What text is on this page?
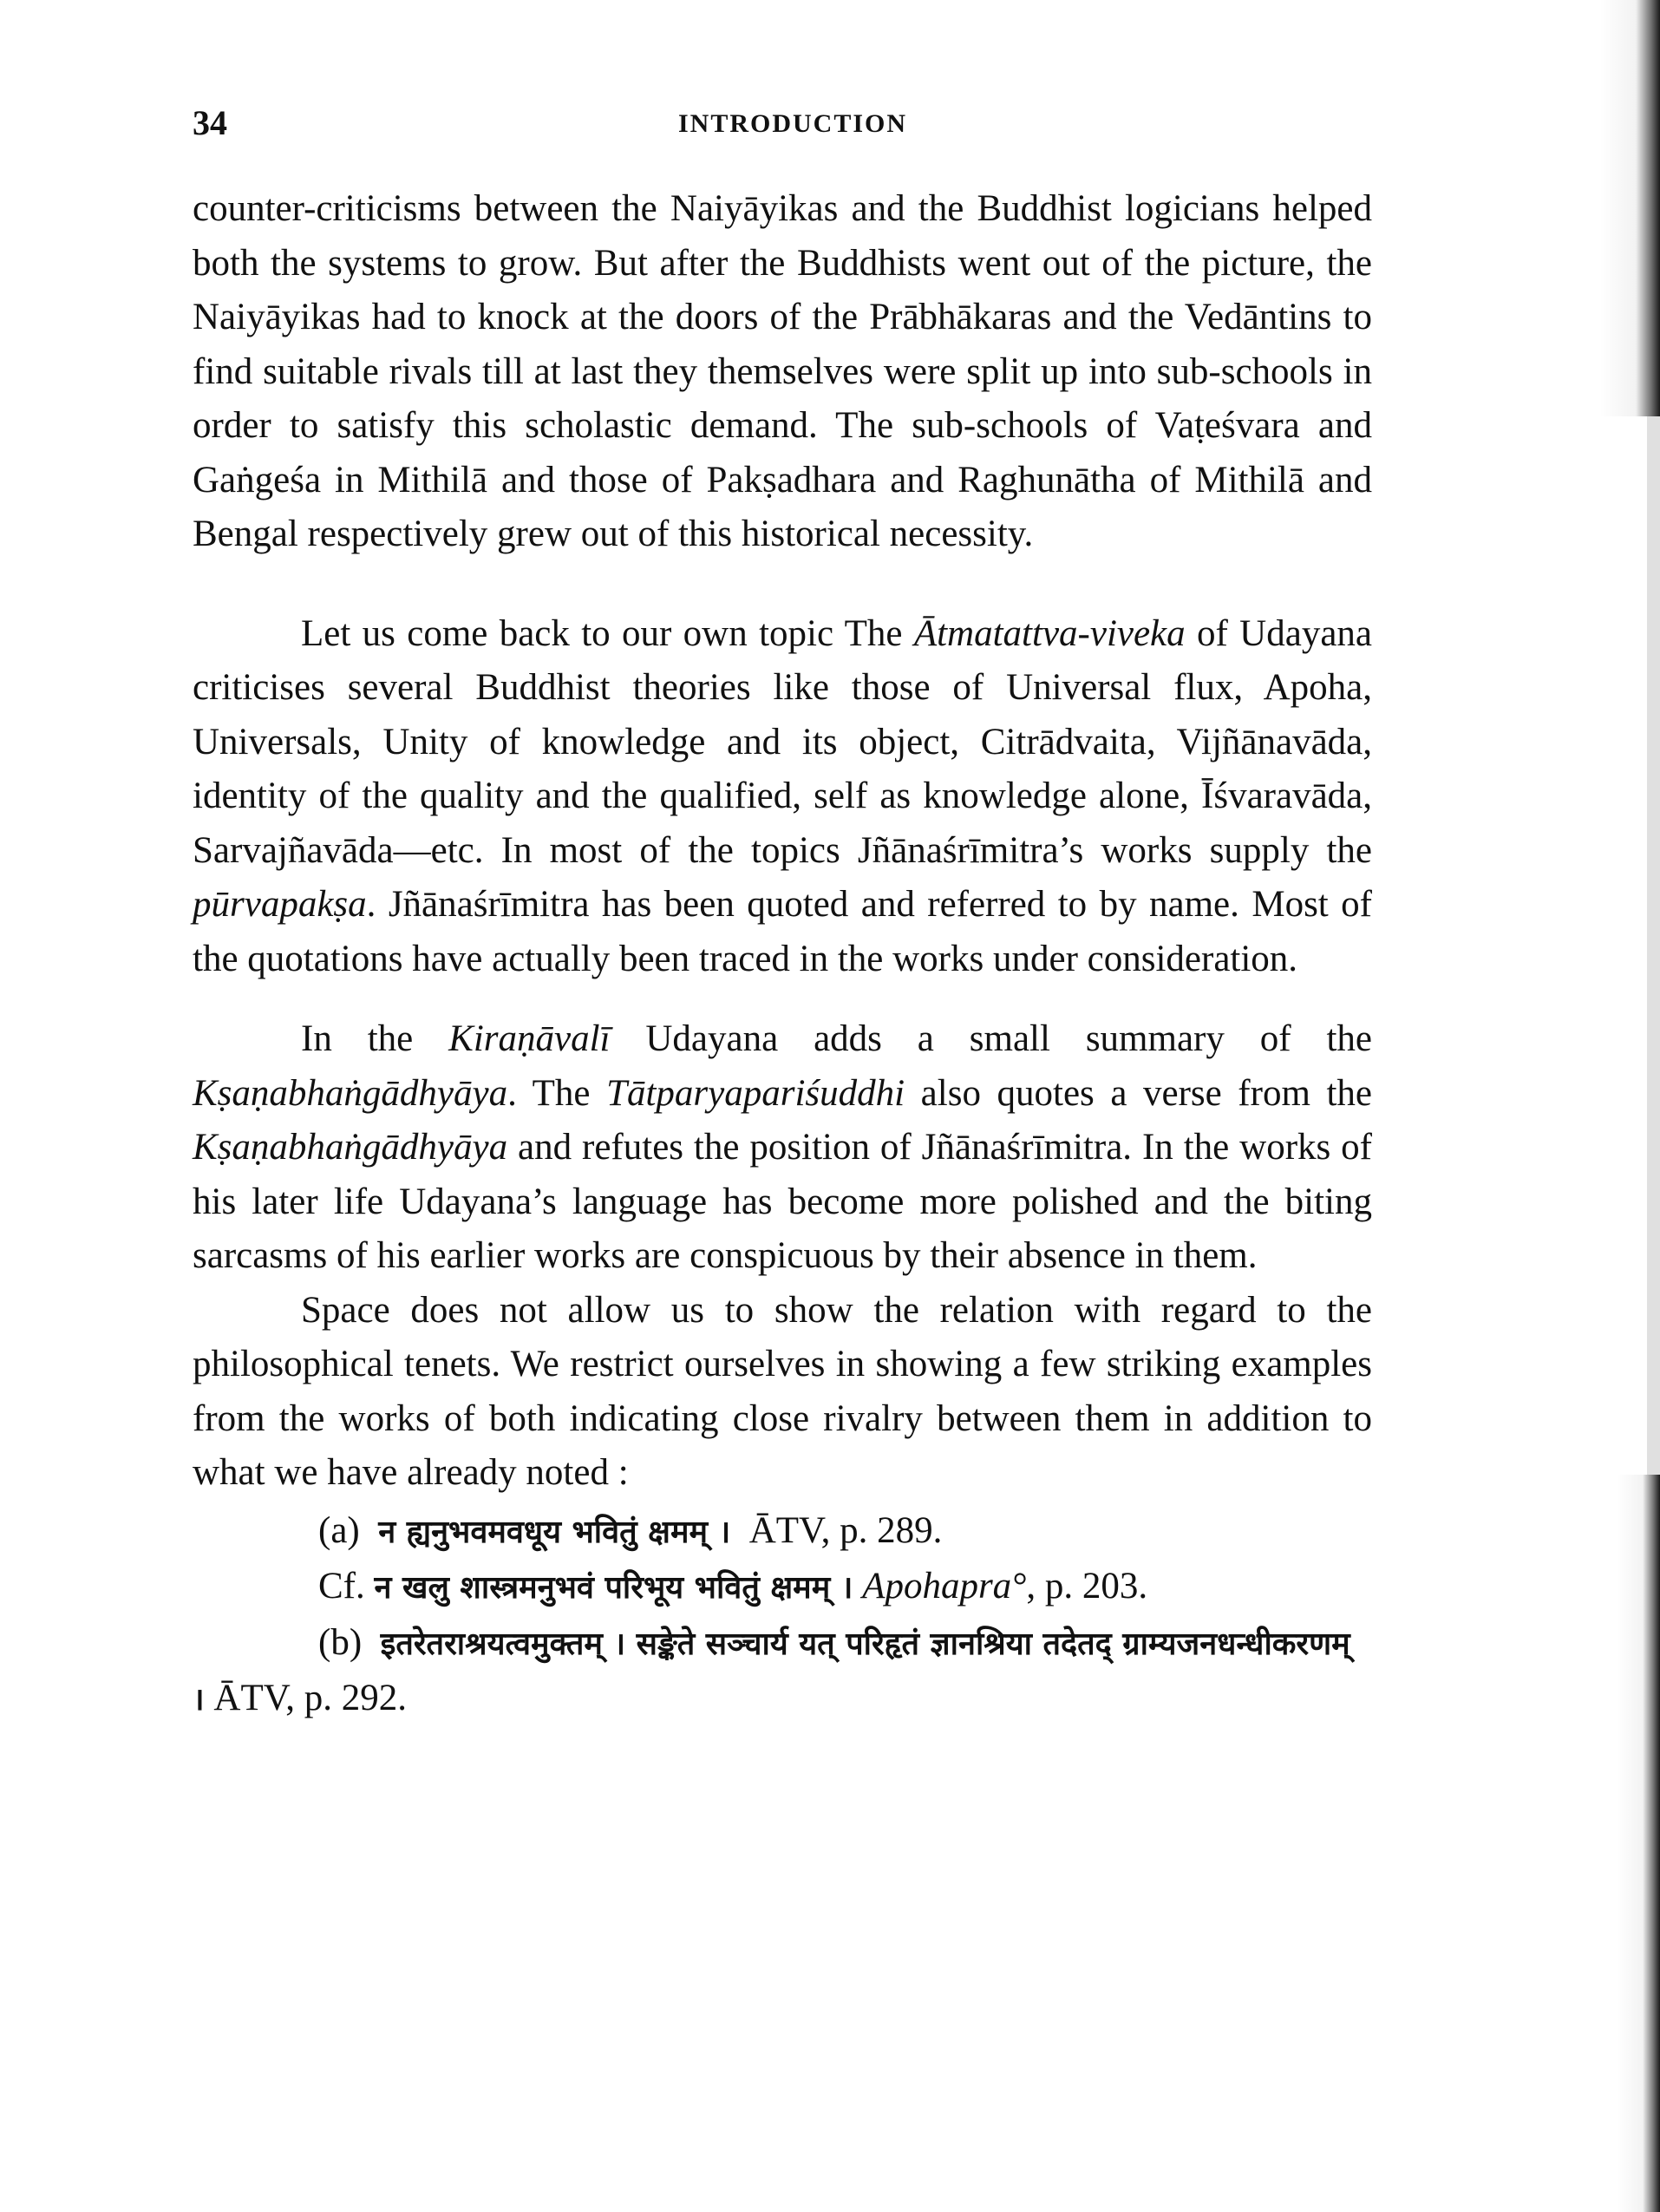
34	INTRODUCTION

counter-criticisms between the Naiyāyikas and the Buddhist logicians helped both the systems to grow. But after the Buddhists went out of the picture, the Naiyāyikas had to knock at the doors of the Prābhākaras and the Vedāntins to find suitable rivals till at last they themselves were split up into sub-schools in order to satisfy this scholastic demand. The sub-schools of Vaṭeśvara and Gaṅgeśa in Mithilā and those of Pakṣadhara and Raghunātha of Mithilā and Bengal respectively grew out of this historical necessity.

Let us come back to our own topic The Ātmatattva-viveka of Udayana criticises several Buddhist theories like those of Universal flux, Apoha, Universals, Unity of knowledge and its object, Citrādvaita, Vijñānavāda, identity of the quality and the qualified, self as knowledge alone, Īśvaravāda, Sarvajñavāda—etc. In most of the topics Jñānaśrīmitra’s works supply the pūrvapakṣa. Jñānaśrīmitra has been quoted and referred to by name. Most of the quotations have actually been traced in the works under consideration.

In the Kiraṇāvalī Udayana adds a small summary of the Kṣaṇabhaṅgādhyāya. The Tātparyapariśuddhi also quotes a verse from the Kṣaṇabhaṅgādhyāya and refutes the position of Jñānaśrīmitra. In the works of his later life Udayana’s language has become more polished and the biting sarcasms of his earlier works are conspicuous by their absence in them.

Space does not allow us to show the relation with regard to the philosophical tenets. We restrict ourselves in showing a few striking examples from the works of both indicating close rivalry between them in addition to what we have already noted :

(a) न ह्यनुभवमवधूय भवितुं क्षमम् । ĀTV, p. 289.

Cf. न खलु शास्त्रमनुभवं परिभूय भवितुं क्षमम् । Apohapra°, p. 203.

(b) इतरेतराश्रयत्वमुक्तम् । सङ्केते सञ्चार्य यत् परिहृतं ज्ञानश्रिया तदेतद् ग्राम्यजनधन्धीकरणम् । ĀTV, p. 292.
